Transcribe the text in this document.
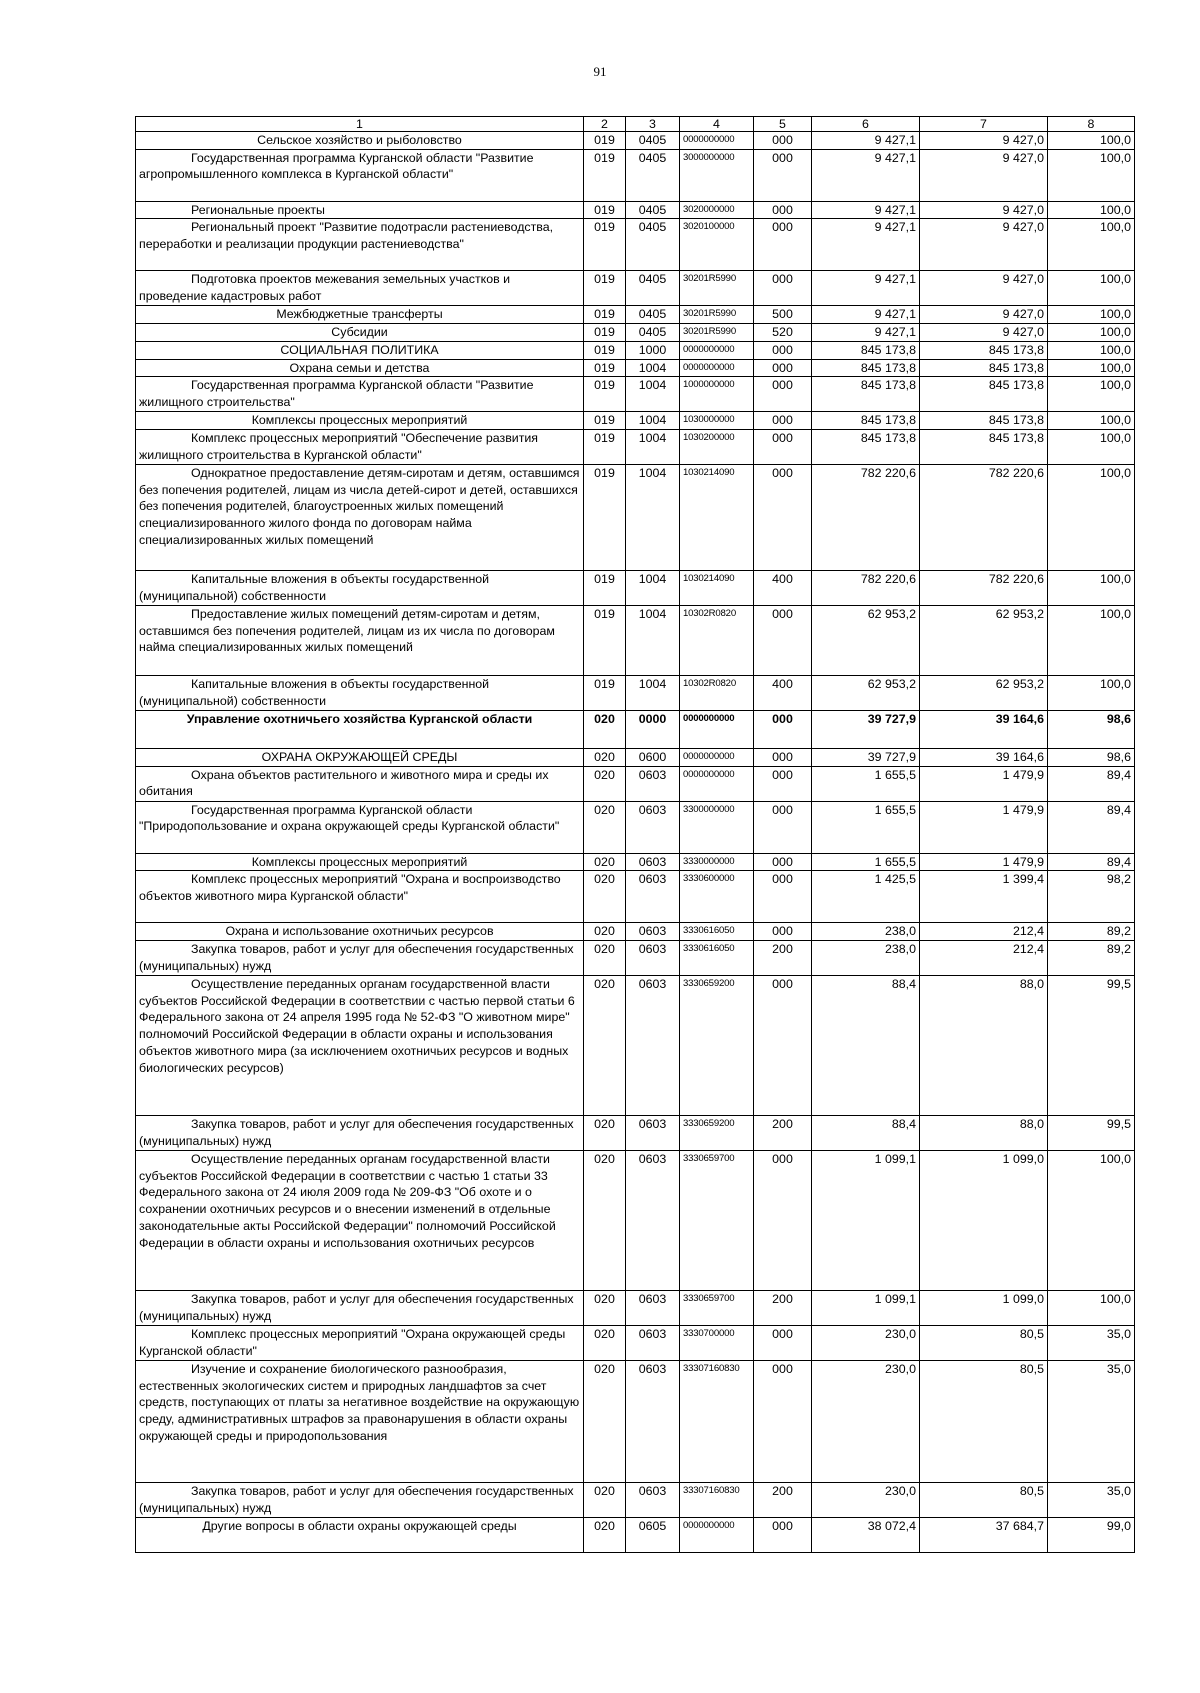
91
1	2	3	4	5	6	7	8

Сельское хозяйство и рыболовство	019	0405	0000000000	000	9 427,1	9 427,0	100,0

Государственная программа Курганской области "Развитие агропромышленного комплекса в Курганской области"	019	0405	3000000000	000	9 427,1	9 427,0	100,0

Региональные проекты	019	0405	3020000000	000	9 427,1	9 427,0	100,0

Региональный проект "Развитие подотрасли растениеводства, переработки и реализации продукции растениеводства"	019	0405	3020100000	000	9 427,1	9 427,0	100,0

Подготовка проектов межевания земельных участков и проведение кадастровых работ	019	0405	30201R5990	000	9 427,1	9 427,0	100,0

Межбюджетные трансферты	019	0405	30201R5990	500	9 427,1	9 427,0	100,0

Субсидии	019	0405	30201R5990	520	9 427,1	9 427,0	100,0

СОЦИАЛЬНАЯ ПОЛИТИКА	019	1000	0000000000	000	845 173,8	845 173,8	100,0

Охрана семьи и детства	019	1004	0000000000	000	845 173,8	845 173,8	100,0

Государственная программа Курганской области "Развитие жилищного строительства"	019	1004	1000000000	000	845 173,8	845 173,8	100,0

Комплексы процессных мероприятий	019	1004	1030000000	000	845 173,8	845 173,8	100,0

Комплекс процессных мероприятий "Обеспечение развития жилищного строительства в Курганской области"	019	1004	1030200000	000	845 173,8	845 173,8	100,0

Однократное предоставление детям-сиротам и детям, оставшимся без попечения родителей, лицам из числа детей-сирот и детей, оставшихся без попечения родителей, благоустроенных жилых помещений специализированного жилого фонда по договорам найма специализированных жилых помещений	019	1004	1030214090	000	782 220,6	782 220,6	100,0

Капитальные вложения в объекты государственной (муниципальной) собственности	019	1004	1030214090	400	782 220,6	782 220,6	100,0

Предоставление жилых помещений детям-сиротам и детям, оставшимся без попечения родителей, лицам из их числа по договорам найма специализированных жилых помещений	019	1004	10302R0820	000	62 953,2	62 953,2	100,0

Капитальные вложения в объекты государственной (муниципальной) собственности	019	1004	10302R0820	400	62 953,2	62 953,2	100,0

Управление охотничьего хозяйства Курганской области	020	0000	0000000000	000	39 727,9	39 164,6	98,6

ОХРАНА ОКРУЖАЮЩЕЙ СРЕДЫ	020	0600	0000000000	000	39 727,9	39 164,6	98,6

Охрана объектов растительного и животного мира и среды их обитания	020	0603	0000000000	000	1 655,5	1 479,9	89,4

Государственная программа Курганской области "Природопользование и охрана окружающей среды Курганской области"	020	0603	3300000000	000	1 655,5	1 479,9	89,4

Комплексы процессных мероприятий	020	0603	3330000000	000	1 655,5	1 479,9	89,4

Комплекс процессных мероприятий "Охрана и воспроизводство объектов животного мира Курганской области"	020	0603	3330600000	000	1 425,5	1 399,4	98,2

Охрана и использование охотничьих ресурсов	020	0603	3330616050	000	238,0	212,4	89,2

Закупка товаров, работ и услуг для обеспечения государственных (муниципальных) нужд	020	0603	3330616050	200	238,0	212,4	89,2

Осуществление переданных органам государственной власти субъектов Российской Федерации в соответствии с частью первой статьи 6 Федерального закона от 24 апреля 1995 года № 52-ФЗ "О животном мире" полномочий Российской Федерации в области охраны и использования объектов животного мира (за исключением охотничьих ресурсов и водных биологических ресурсов)	020	0603	3330659200	000	88,4	88,0	99,5

Закупка товаров, работ и услуг для обеспечения государственных (муниципальных) нужд	020	0603	3330659200	200	88,4	88,0	99,5

Осуществление переданных органам государственной власти субъектов Российской Федерации в соответствии с частью 1 статьи 33 Федерального закона от 24 июля 2009 года № 209-ФЗ "Об охоте и о сохранении охотничьих ресурсов и о внесении изменений в отдельные законодательные акты Российской Федерации" полномочий Российской Федерации в области охраны и использования охотничьих ресурсов	020	0603	3330659700	000	1 099,1	1 099,0	100,0

Закупка товаров, работ и услуг для обеспечения государственных (муниципальных) нужд	020	0603	3330659700	200	1 099,1	1 099,0	100,0

Комплекс процессных мероприятий "Охрана окружающей среды Курганской области"	020	0603	3330700000	000	230,0	80,5	35,0

Изучение и сохранение биологического разнообразия, естественных экологических систем и природных ландшафтов за счет средств, поступающих от платы за негативное воздействие на окружающую среду, административных штрафов за правонарушения в области охраны окружающей среды и природопользования	020	0603	33307160830	000	230,0	80,5	35,0

Закупка товаров, работ и услуг для обеспечения государственных (муниципальных) нужд	020	0603	33307160830	200	230,0	80,5	35,0

Другие вопросы в области охраны окружающей среды	020	0605	0000000000	000	38 072,4	37 684,7	99,0
